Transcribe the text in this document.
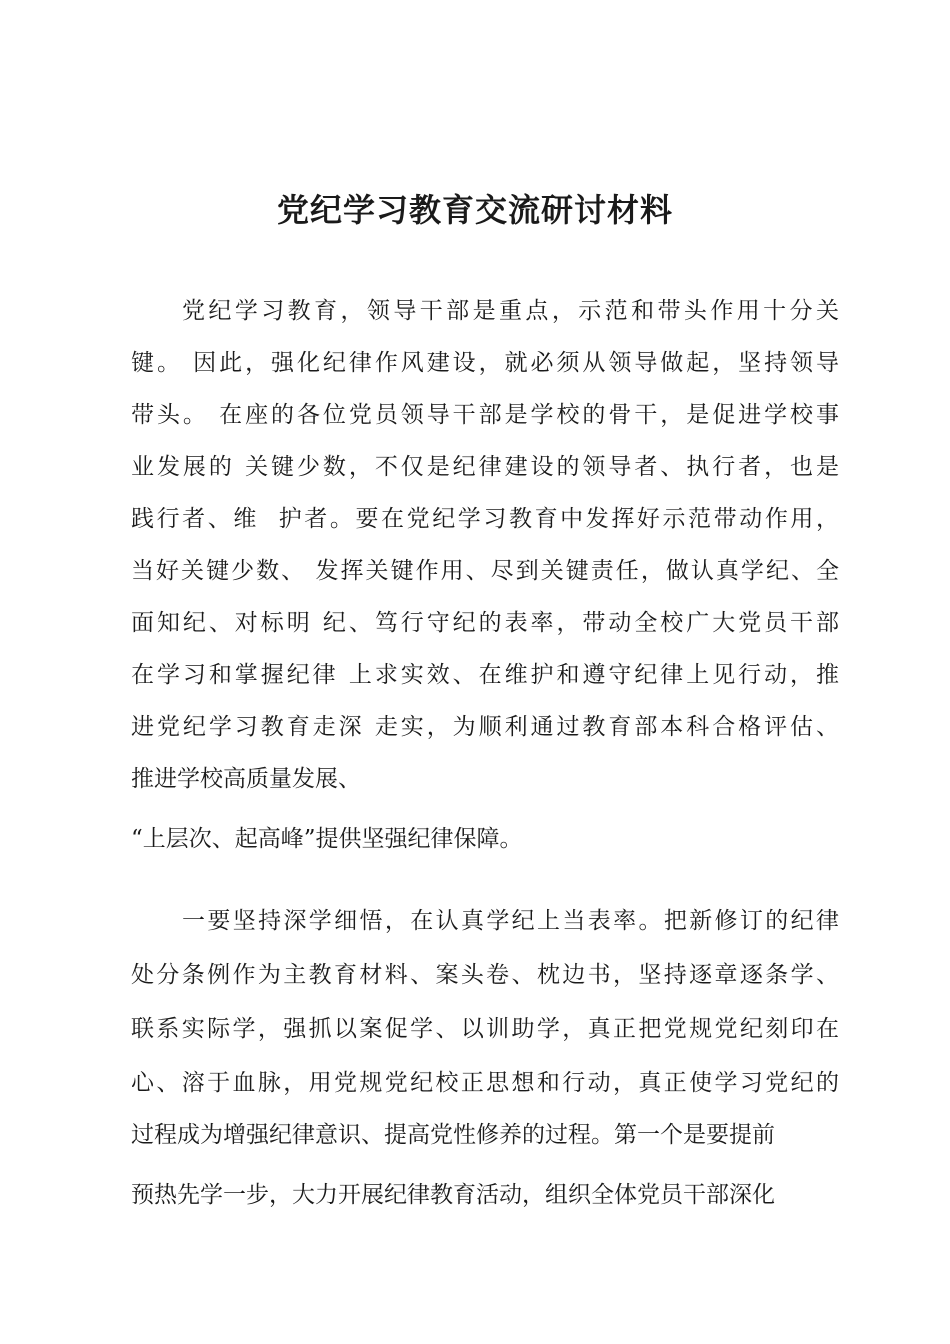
党纪学习教育交流研讨材料

党纪学习教育，领导干部是重点，示范和带头作用十分关

键。 因此，强化纪律作风建设，就必须从领导做起，坚持领导

带头。 在座的各位党员领导干部是学校的骨干，是促进学校事

业发展的 关键少数，不仅是纪律建设的领导者、执行者，也是

践行者、维  护者。要在党纪学习教育中发挥好示范带动作用，

当好关键少数、 发挥关键作用、尽到关键责任，做认真学纪、全

面知纪、对标明 纪、笃行守纪的表率，带动全校广大党员干部

在学习和掌握纪律 上求实效、在维护和遵守纪律上见行动，推

进党纪学习教育走深 走实，为顺利通过教育部本科合格评估、

推进学校高质量发展、

“上层次、起高峰”提供坚强纪律保障。

一要坚持深学细悟，在认真学纪上当表率。把新修订的纪律

处分条例作为主教育材料、案头卷、枕边书，坚持逐章逐条学、

联系实际学，强抓以案促学、以训助学，真正把党规党纪刻印在

心、溶于血脉，用党规党纪校正思想和行动，真正使学习党纪的

过程成为增强纪律意识、提高党性修养的过程。第一个是要提前

预热先学一步，大力开展纪律教育活动，组织全体党员干部深化
